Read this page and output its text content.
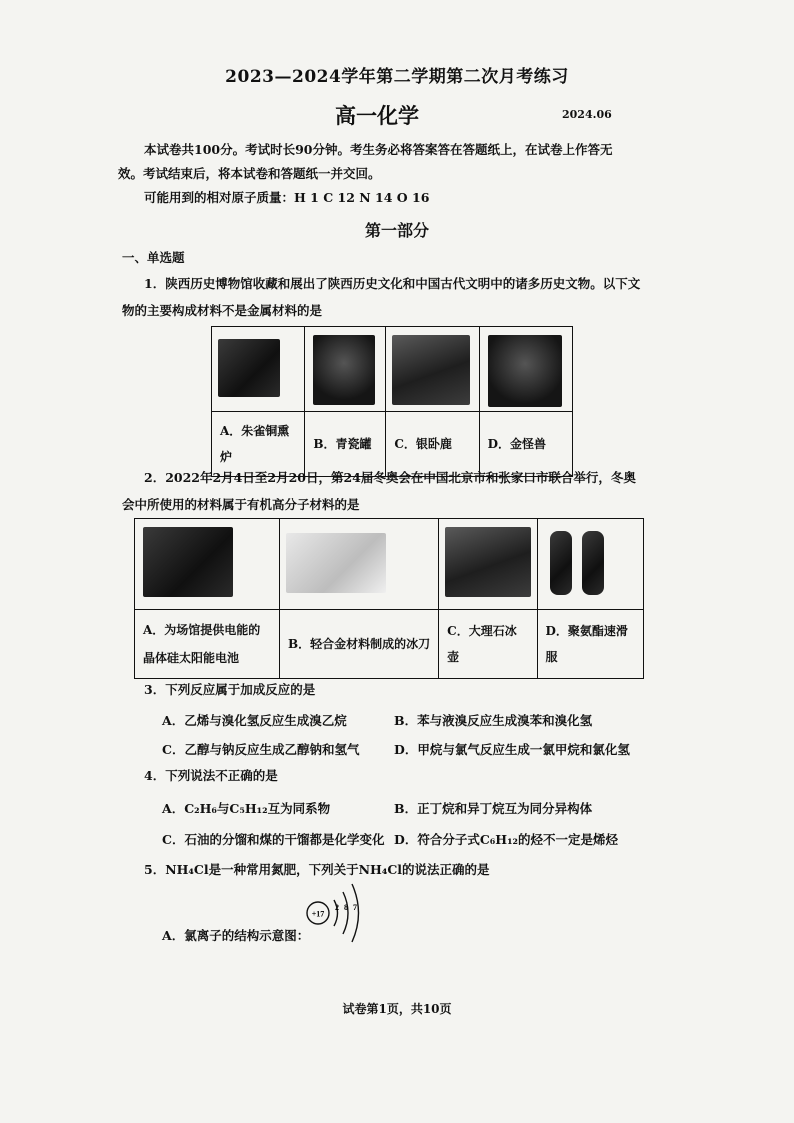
2023—2024学年第二学期第二次月考练习
高一化学	2024.06
本试卷共100分。考试时长90分钟。考生务必将答案答在答题纸上，在试卷上作答无
效。考试结束后，将本试卷和答题纸一并交回。
可能用到的相对原子质量：H 1 C 12 N 14 O 16
第一部分
一、单选题
1．陕西历史博物馆收藏和展出了陕西历史文化和中国古代文明中的诸多历史文物。以下文
物的主要构成材料不是金属材料的是

A．朱雀铜熏炉	B．青瓷罐	C．银卧鹿	D．金怪兽
2．2022年2月4日至2月20日，第24届冬奥会在中国北京市和张家口市联合举行，冬奥
会中所使用的材料属于有机高分子材料的是

A．为场馆提供电能的晶体硅太阳能电池	B．轻合金材料制成的冰刀	C．大理石冰壶	D．聚氨酯速滑服
3．下列反应属于加成反应的是
A．乙烯与溴化氢反应生成溴乙烷	B．苯与液溴反应生成溴苯和溴化氢
C．乙醇与钠反应生成乙醇钠和氢气	D．甲烷与氯气反应生成一氯甲烷和氯化氢
4．下列说法不正确的是
A．C₂H₆与C₅H₁₂互为同系物	B．正丁烷和异丁烷互为同分异构体
C．石油的分馏和煤的干馏都是化学变化 D．符合分子式C₆H₁₂的烃不一定是烯烃
5．NH₄Cl是一种常用氮肥，下列关于NH₄Cl的说法正确的是
A．氯离子的结构示意图：
+17
2 8 7
试卷第1页，共10页
